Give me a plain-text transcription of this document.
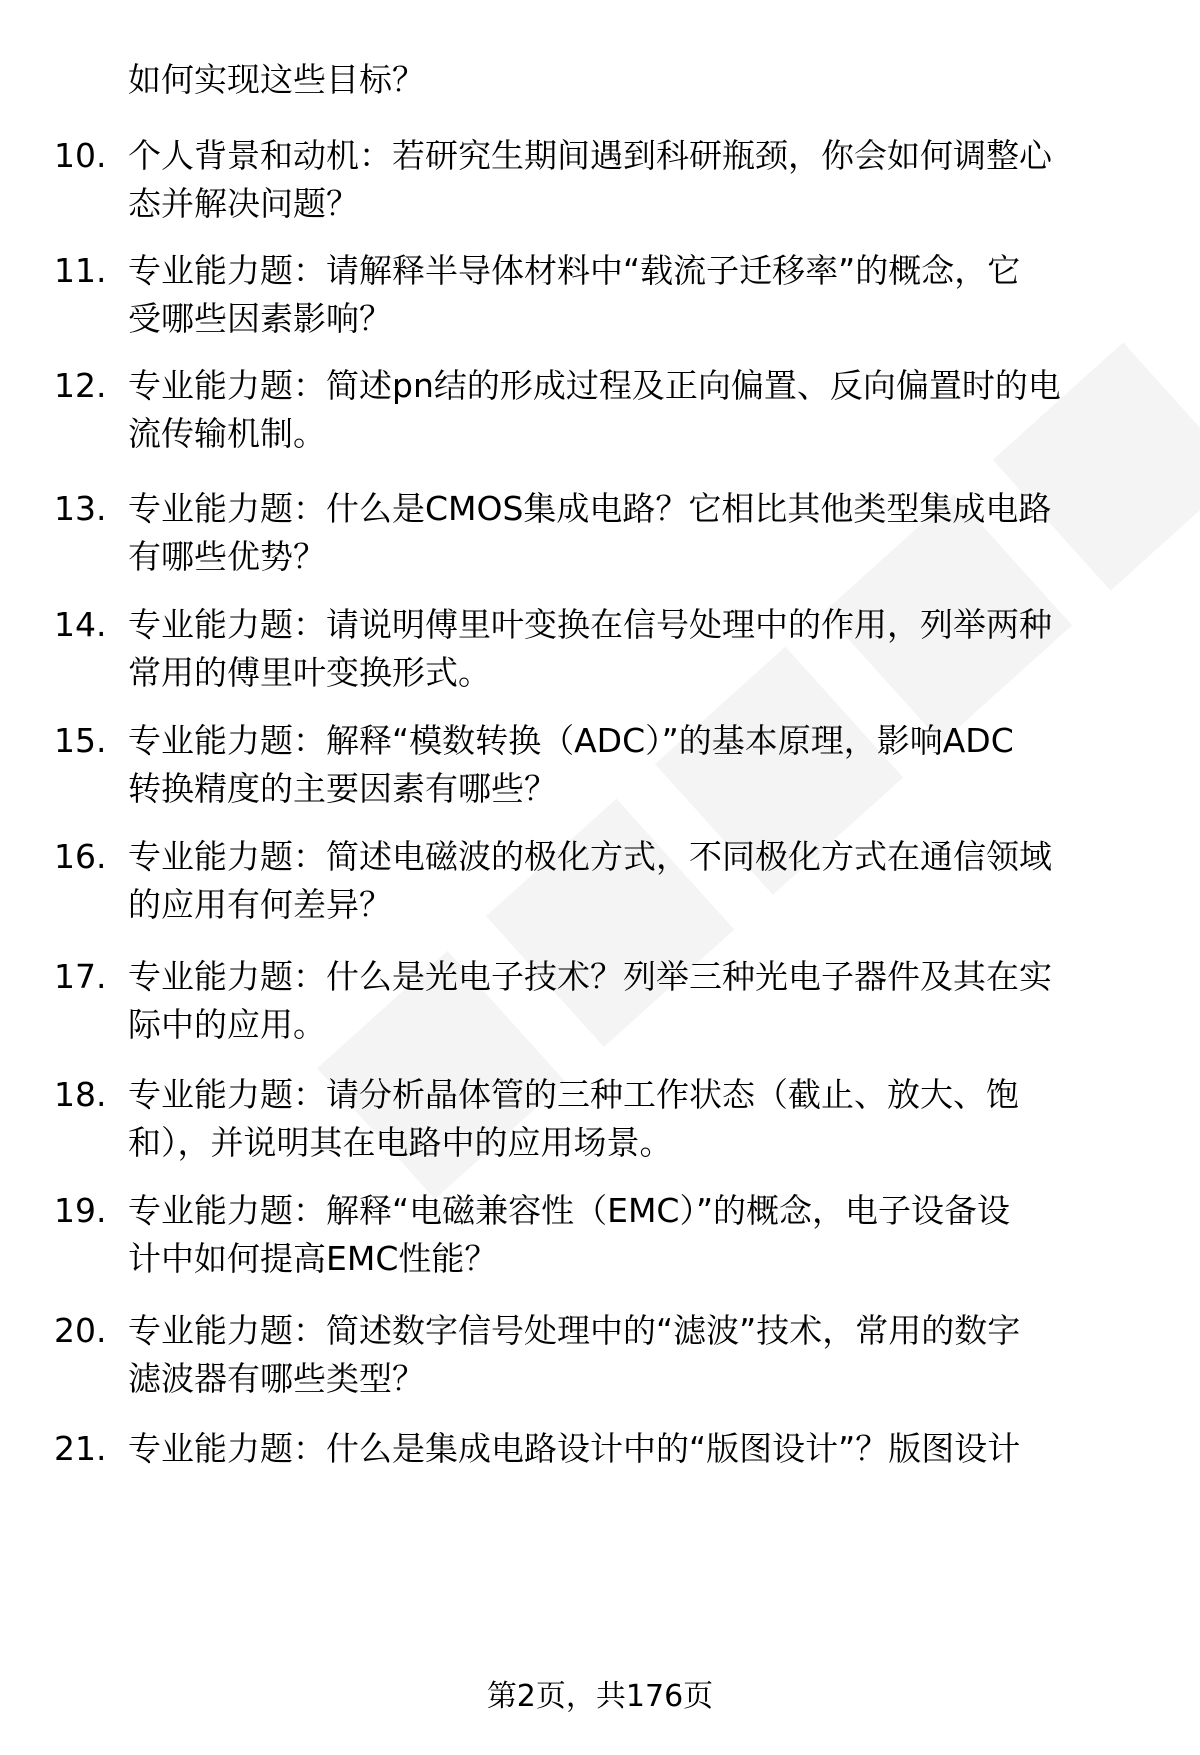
如何实现这些目标？
10. 个人背景和动机：若研究生期间遇到科研瓶颈，你会如何调整心
态并解决问题？
11. 专业能力题：请解释半导体材料中“载流子迁移率”的概念，它
受哪些因素影响？
12. 专业能力题：简述pn结的形成过程及正向偏置、反向偏置时的电
流传输机制。
13. 专业能力题：什么是CMOS集成电路？它相比其他类型集成电路
有哪些优势？
14. 专业能力题：请说明傅里叶变换在信号处理中的作用，列举两种
常用的傅里叶变换形式。
15. 专业能力题：解释“模数转换（ADC）”的基本原理，影响ADC
转换精度的主要因素有哪些？
16. 专业能力题：简述电磁波的极化方式，不同极化方式在通信领域
的应用有何差异？
17. 专业能力题：什么是光电子技术？列举三种光电子器件及其在实
际中的应用。
18. 专业能力题：请分析晶体管的三种工作状态（截止、放大、饱
和），并说明其在电路中的应用场景。
19. 专业能力题：解释“电磁兼容性（EMC）”的概念，电子设备设
计中如何提高EMC性能？
20. 专业能力题：简述数字信号处理中的“滤波”技术，常用的数字
滤波器有哪些类型？
21. 专业能力题：什么是集成电路设计中的“版图设计”？版图设计
第2页，共176页
